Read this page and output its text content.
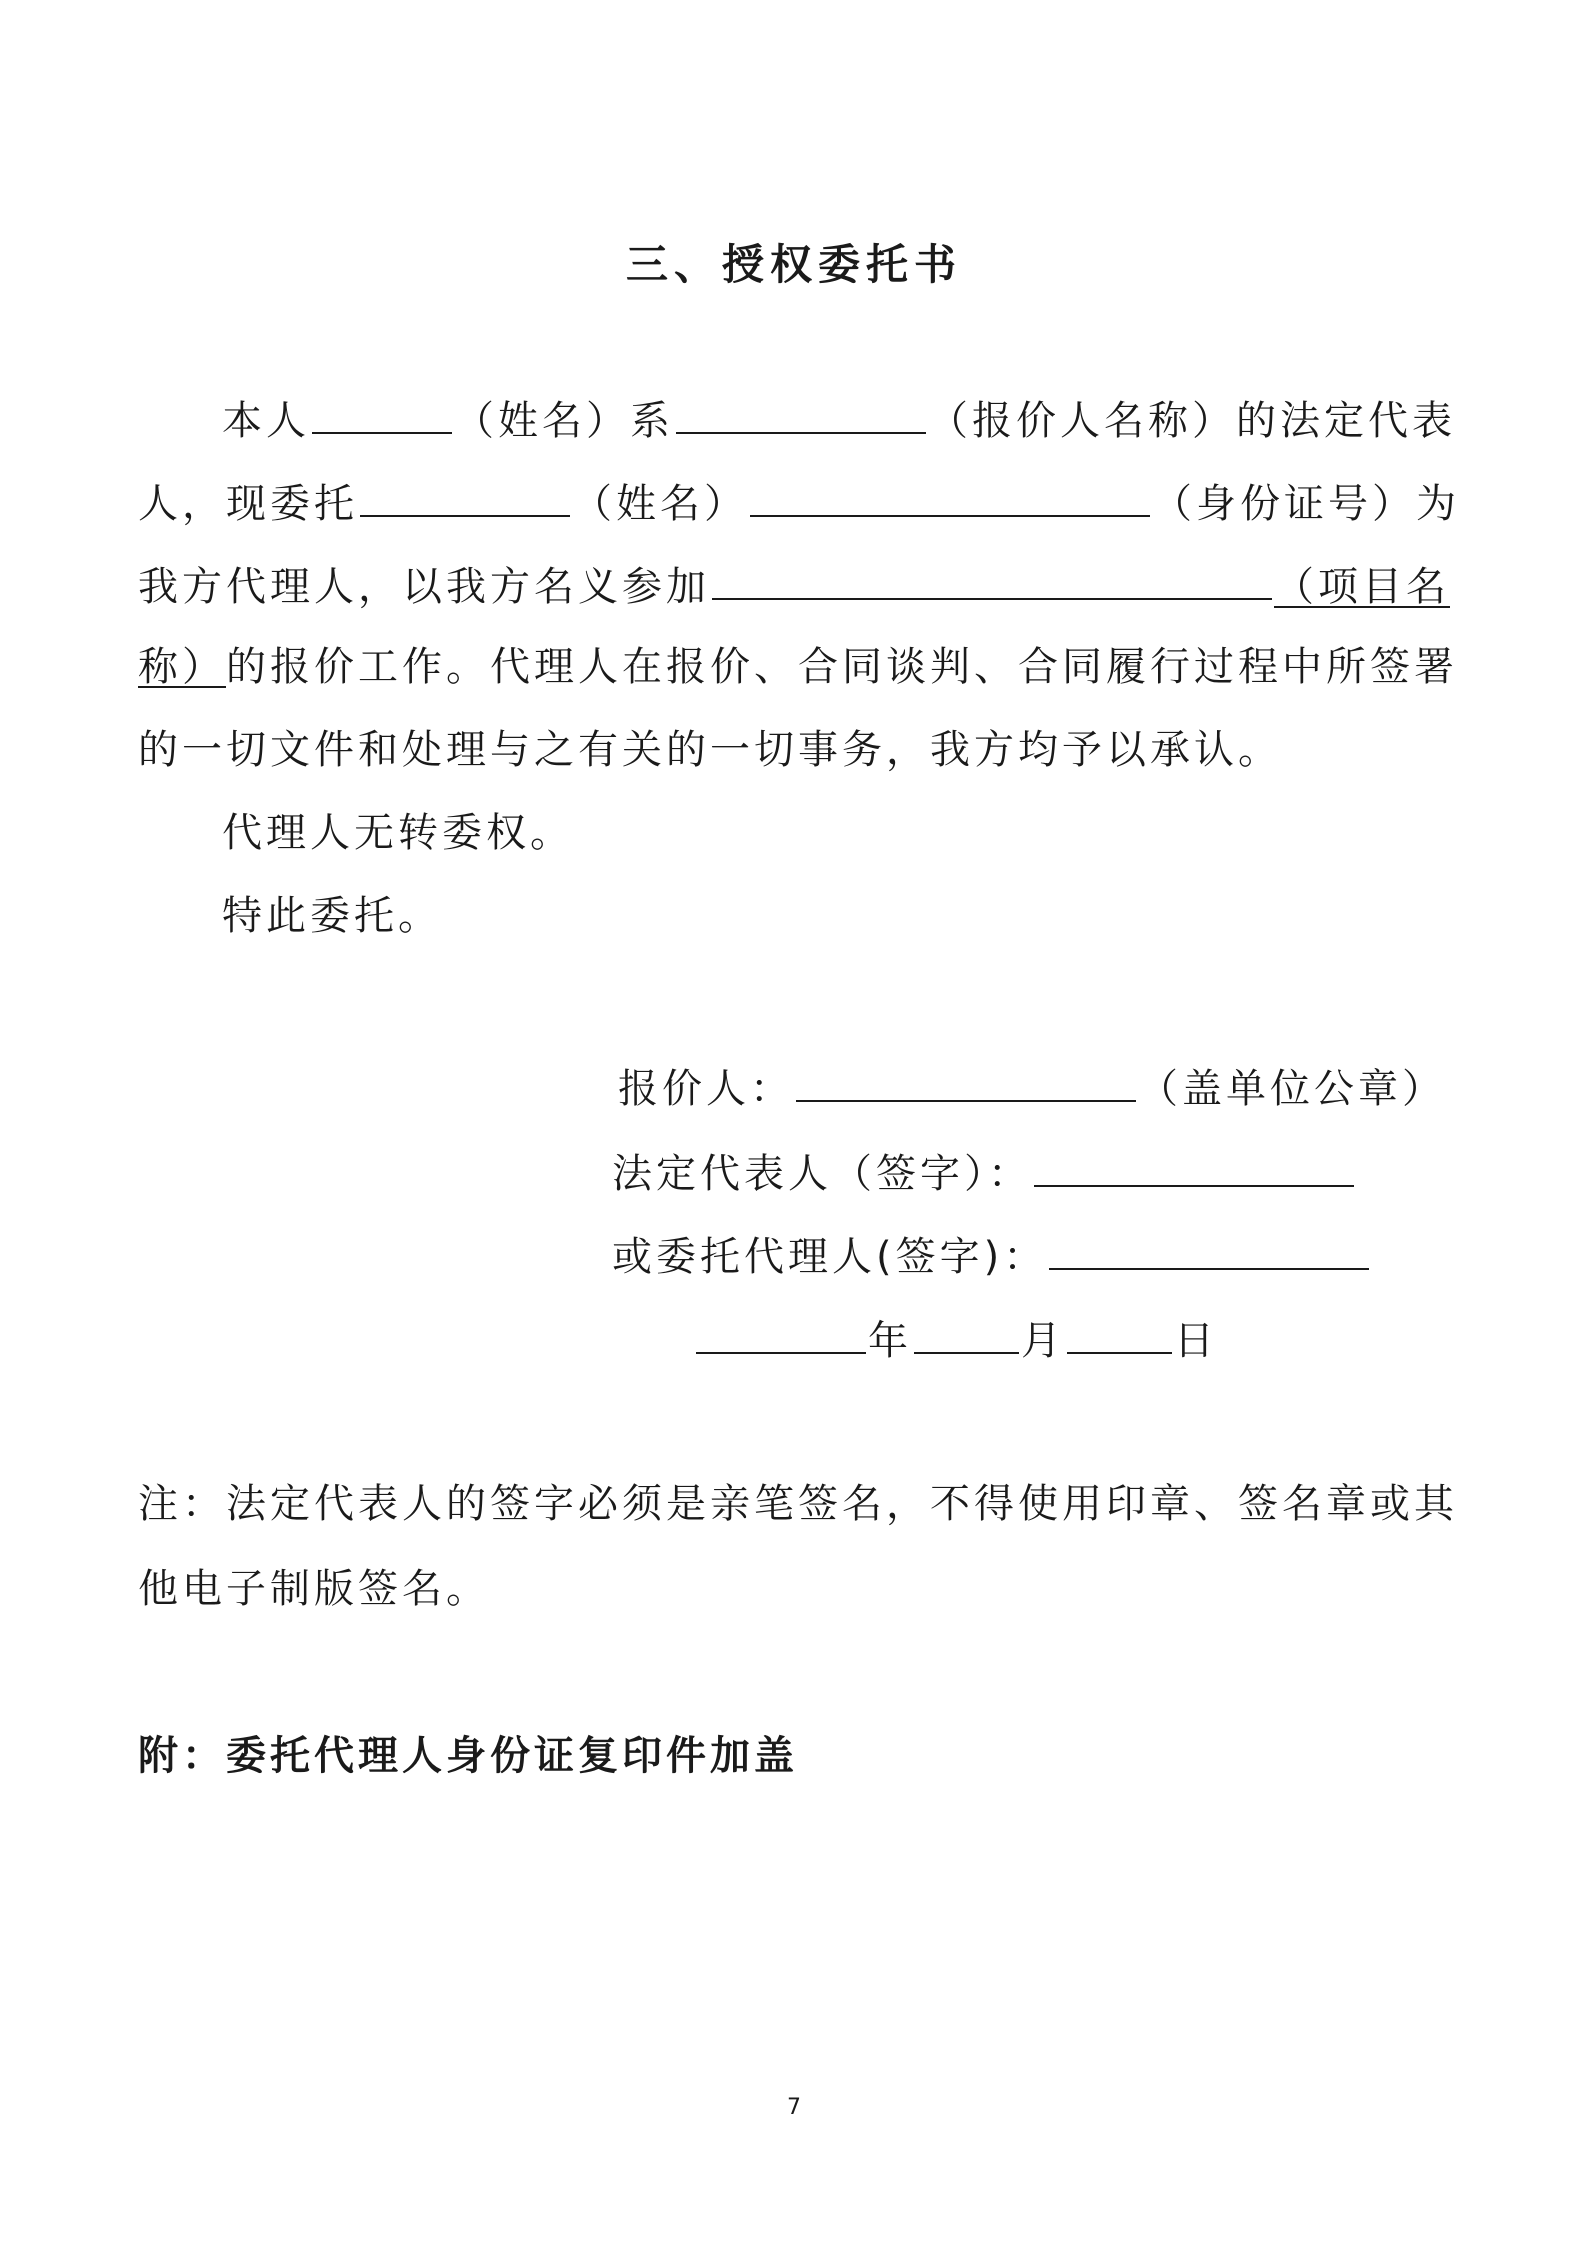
三、授权委托书
本人	（姓名）系	（报价人名称）的法定代表
人，现委托	（姓名）	（身份证号）为
我方代理人，以我方名义参加	（项目名
称）的报价工作。代理人在报价、合同谈判、合同履行过程中所签署
的一切文件和处理与之有关的一切事务，我方均予以承认。
代理人无转委权。
特此委托。
报价人：	（盖单位公章）
法定代表人（签字）：
或委托代理人(签字)：
年	月	日
注：法定代表人的签字必须是亲笔签名，不得使用印章、签名章或其
他电子制版签名。
附：委托代理人身份证复印件加盖
7
